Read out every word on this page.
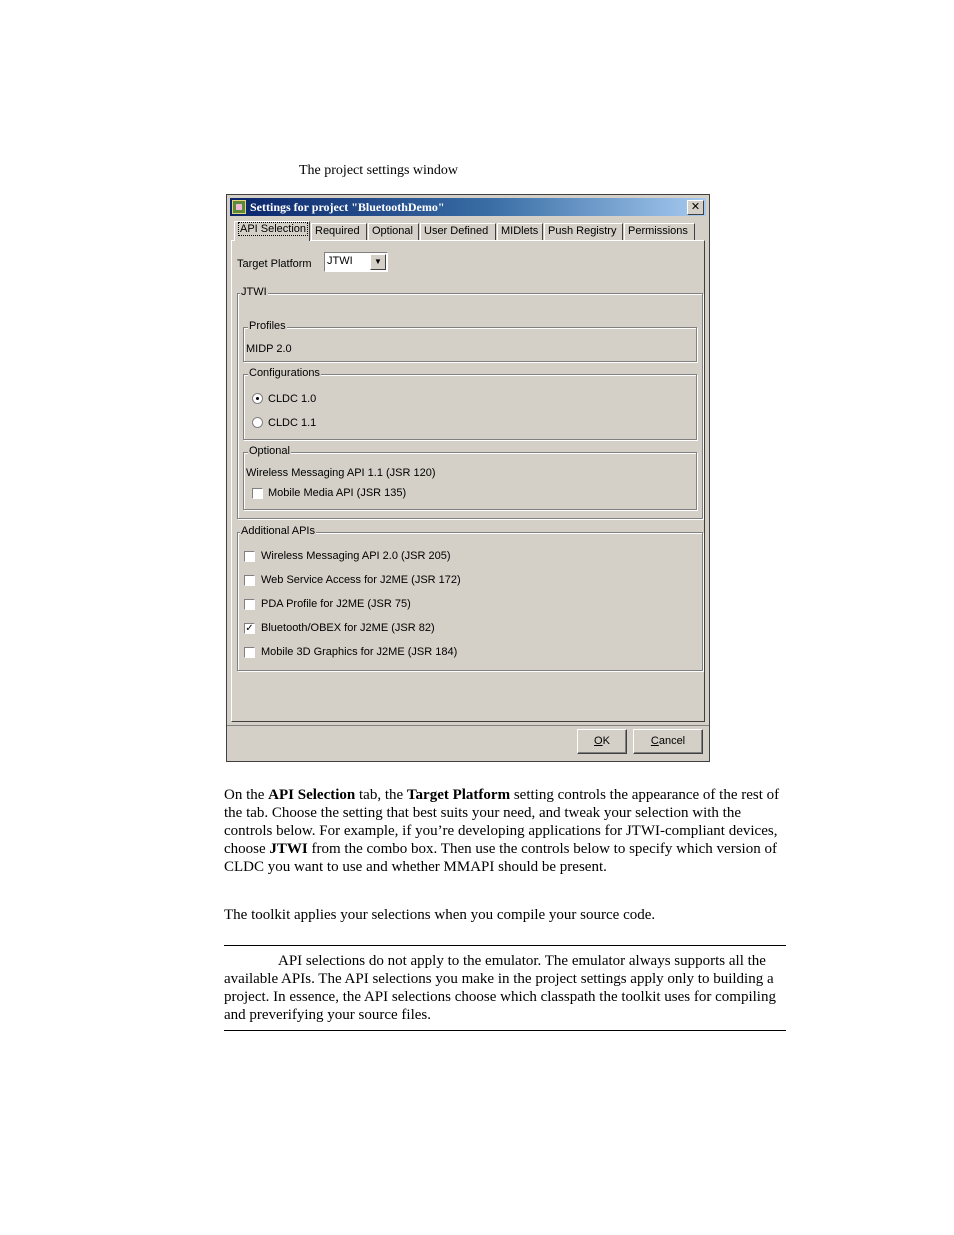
The project settings window
Settings for project "BluetoothDemo"	✕
API Selection Required	Optional	User Defined	MIDlets Push Registry	Permissions
Target Platform JTWI	▼
JTWI
Profiles
MIDP 2.0
Configurations
CLDC 1.0
CLDC 1.1
Optional
Wireless Messaging API 1.1 (JSR 120)
Mobile Media API (JSR 135)
Additional APIs
Wireless Messaging API 2.0 (JSR 205)
Web Service Access for J2ME (JSR 172)
PDA Profile for J2ME (JSR 75)
✓ Bluetooth/OBEX for J2ME (JSR 82)
Mobile 3D Graphics for J2ME (JSR 184)
OK	Cancel
On the API Selection tab, the Target Platform setting controls the appearance of the rest of the tab. Choose the setting that best suits your need, and tweak your selection with the controls below. For example, if you’re developing applications for JTWI-compliant devices, choose JTWI from the combo box. Then use the controls below to specify which version of CLDC you want to use and whether MMAPI should be present.
The toolkit applies your selections when you compile your source code.
API selections do not apply to the emulator. The emulator always supports all the available APIs. The API selections you make in the project settings apply only to building a project. In essence, the API selections choose which classpath the toolkit uses for compiling and preverifying your source files.
